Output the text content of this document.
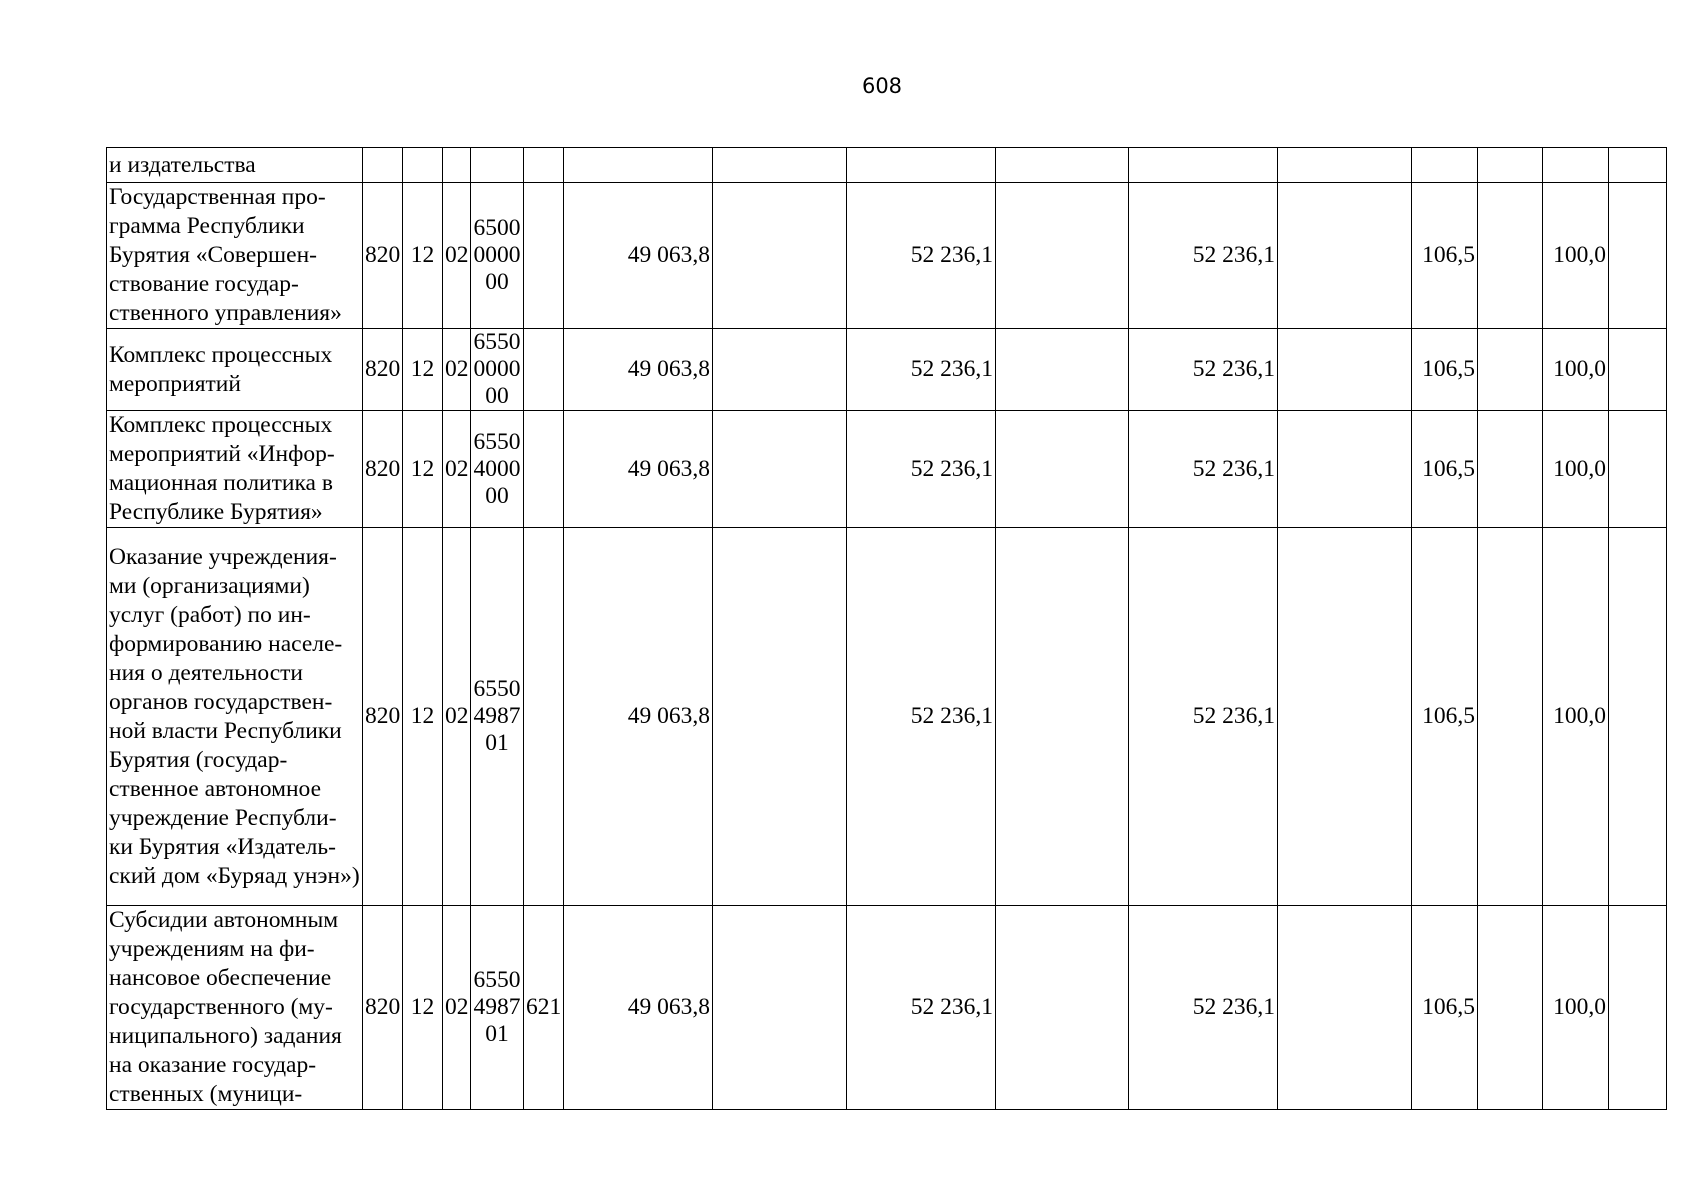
608
и издательства															
Государственная про-грамма Республики Бурятия «Совершен-ствование государ-ственного управления»	820	12	02	6500000000		49 063,8		52 236,1		52 236,1		106,5		100,0	
Комплекс процессных мероприятий	820	12	02	6550000000		49 063,8		52 236,1		52 236,1		106,5		100,0	
Комплекс процессных мероприятий «Инфор-мационная политика в Республике Бурятия»	820	12	02	6550400000		49 063,8		52 236,1		52 236,1		106,5		100,0	
Оказание учреждения-ми (организациями) услуг (работ) по ин-формированию населе-ния о деятельности органов государствен-ной власти Республики Бурятия (государ-ственное автономное учреждение Республи-ки Бурятия «Издатель-ский дом «Буряад унэн»)	820	12	02	6550498701		49 063,8		52 236,1		52 236,1		106,5		100,0	
Субсидии автономным учреждениям на фи-нансовое обеспечение государственного (му-ниципального) задания на оказание государ-ственных (муници-	820	12	02	6550498701	621	49 063,8		52 236,1		52 236,1		106,5		100,0	
